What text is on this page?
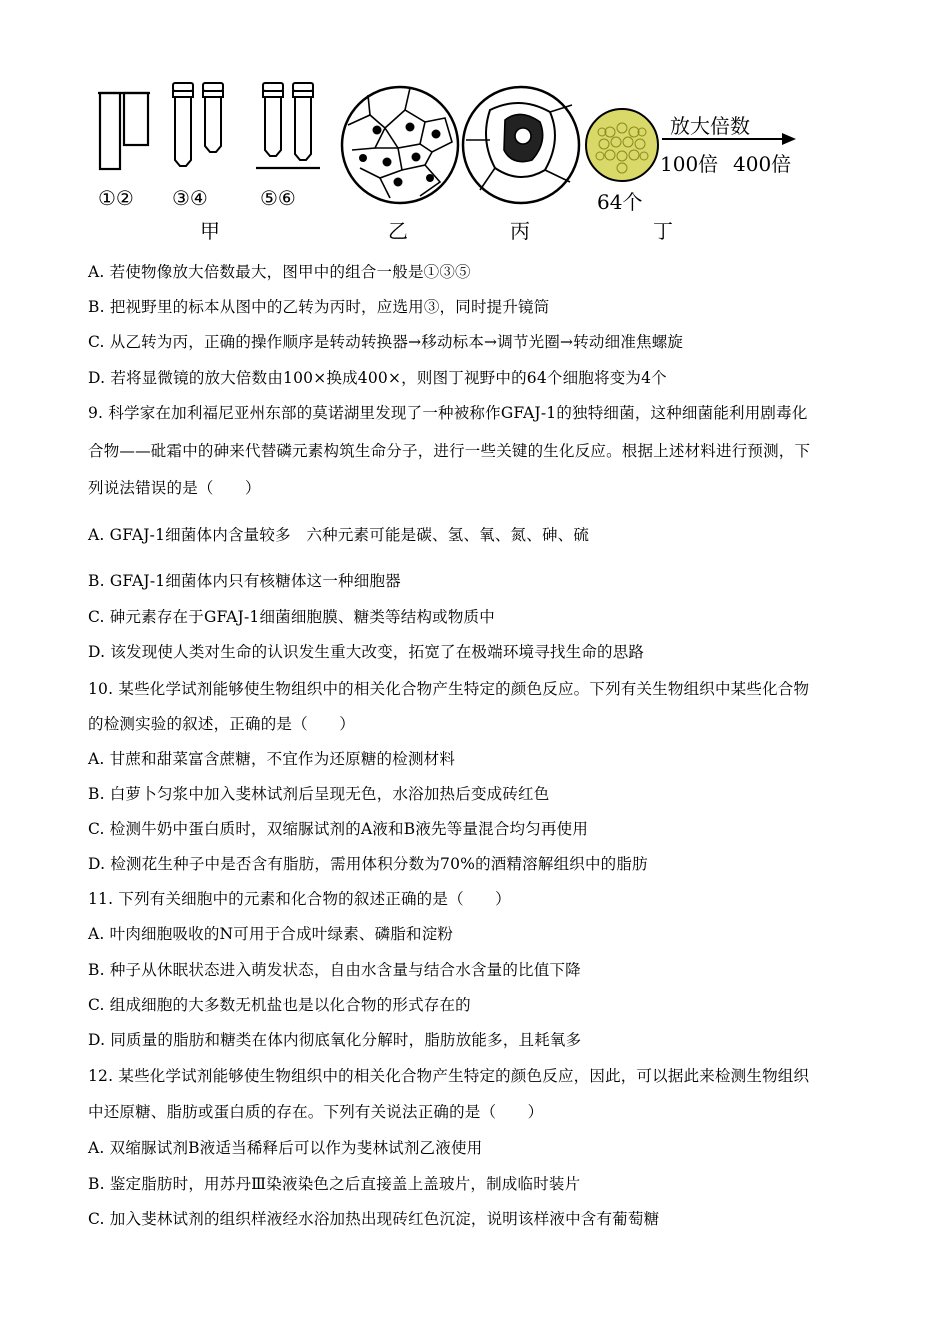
①② ③④	⑤⑥
甲	乙	丙	丁
64个
放大倍数
100倍 400倍
A. 若使物像放大倍数最大，图甲中的组合一般是①③⑤
B. 把视野里的标本从图中的乙转为丙时，应选用③，同时提升镜筒
C. 从乙转为丙，正确的操作顺序是转动转换器→移动标本→调节光圈→转动细准焦螺旋
D. 若将显微镜的放大倍数由100×换成400×，则图丁视野中的64个细胞将变为4个
9. 科学家在加利福尼亚州东部的莫诺湖里发现了一种被称作GFAJ-1的独特细菌，这种细菌能利用剧毒化
合物——砒霜中的砷来代替磷元素构筑生命分子，进行一些关键的生化反应。根据上述材料进行预测，下
列说法错误的是（　　）
A. GFAJ-1细菌体内含量较多　六种元素可能是碳、氢、氧、氮、砷、硫
B. GFAJ-1细菌体内只有核糖体这一种细胞器
C. 砷元素存在于GFAJ-1细菌细胞膜、糖类等结构或物质中
D. 该发现使人类对生命的认识发生重大改变，拓宽了在极端环境寻找生命的思路
10. 某些化学试剂能够使生物组织中的相关化合物产生特定的颜色反应。下列有关生物组织中某些化合物
的检测实验的叙述，正确的是（　　）
A. 甘蔗和甜菜富含蔗糖，不宜作为还原糖的检测材料
B. 白萝卜匀浆中加入斐林试剂后呈现无色，水浴加热后变成砖红色
C. 检测牛奶中蛋白质时，双缩脲试剂的A液和B液先等量混合均匀再使用
D. 检测花生种子中是否含有脂肪，需用体积分数为70%的酒精溶解组织中的脂肪
11. 下列有关细胞中的元素和化合物的叙述正确的是（　　）
A. 叶肉细胞吸收的N可用于合成叶绿素、磷脂和淀粉
B. 种子从休眠状态进入萌发状态，自由水含量与结合水含量的比值下降
C. 组成细胞的大多数无机盐也是以化合物的形式存在的
D. 同质量的脂肪和糖类在体内彻底氧化分解时，脂肪放能多，且耗氧多
12. 某些化学试剂能够使生物组织中的相关化合物产生特定的颜色反应，因此，可以据此来检测生物组织
中还原糖、脂肪或蛋白质的存在。下列有关说法正确的是（　　）
A. 双缩脲试剂B液适当稀释后可以作为斐林试剂乙液使用
B. 鉴定脂肪时，用苏丹Ⅲ染液染色之后直接盖上盖玻片，制成临时装片
C. 加入斐林试剂的组织样液经水浴加热出现砖红色沉淀，说明该样液中含有葡萄糖
